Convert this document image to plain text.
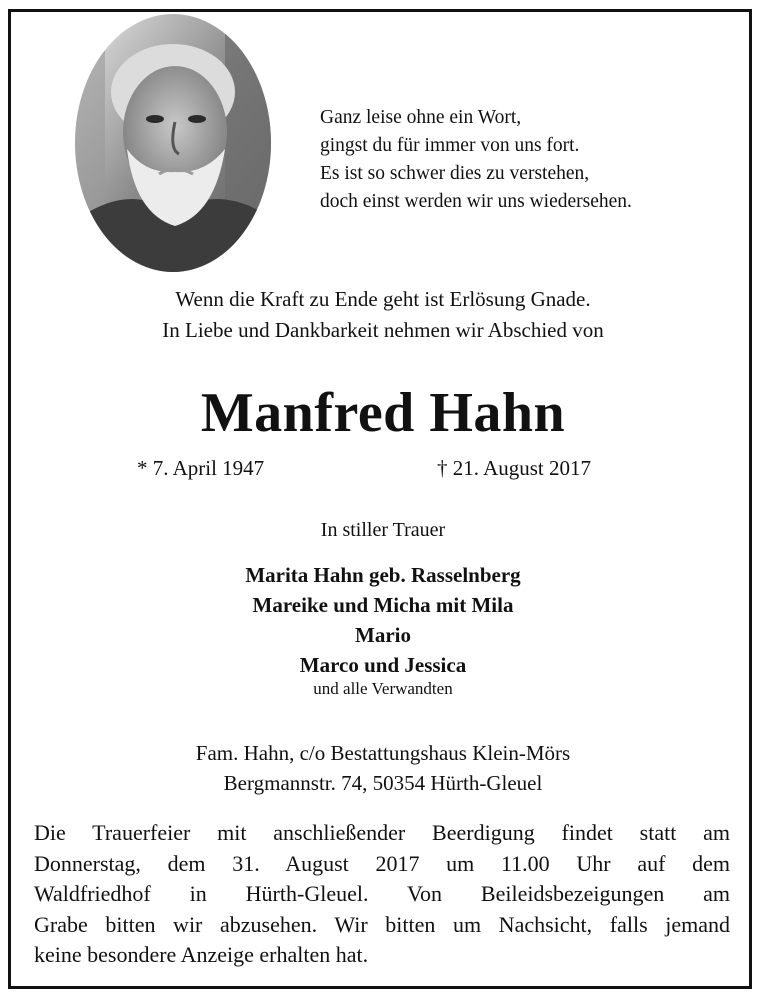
Ganz leise ohne ein Wort,
gingst du für immer von uns fort.
Es ist so schwer dies zu verstehen,
doch einst werden wir uns wiedersehen.
Wenn die Kraft zu Ende geht ist Erlösung Gnade.
In Liebe und Dankbarkeit nehmen wir Abschied von
Manfred Hahn
* 7. April 1947	† 21. August 2017
In stiller Trauer
Marita Hahn geb. Rasselnberg
Mareike und Micha mit Mila
Mario
Marco und Jessica
und alle Verwandten
Fam. Hahn, c/o Bestattungshaus Klein-Mörs
Bergmannstr. 74, 50354 Hürth-Gleuel
Die Trauerfeier mit anschließender Beerdigung findet statt am
Donnerstag, dem 31. August 2017 um 11.00 Uhr auf dem
Waldfriedhof in Hürth-Gleuel. Von Beileidsbezeigungen am
Grabe bitten wir abzusehen. Wir bitten um Nachsicht, falls jemand
keine besondere Anzeige erhalten hat.
